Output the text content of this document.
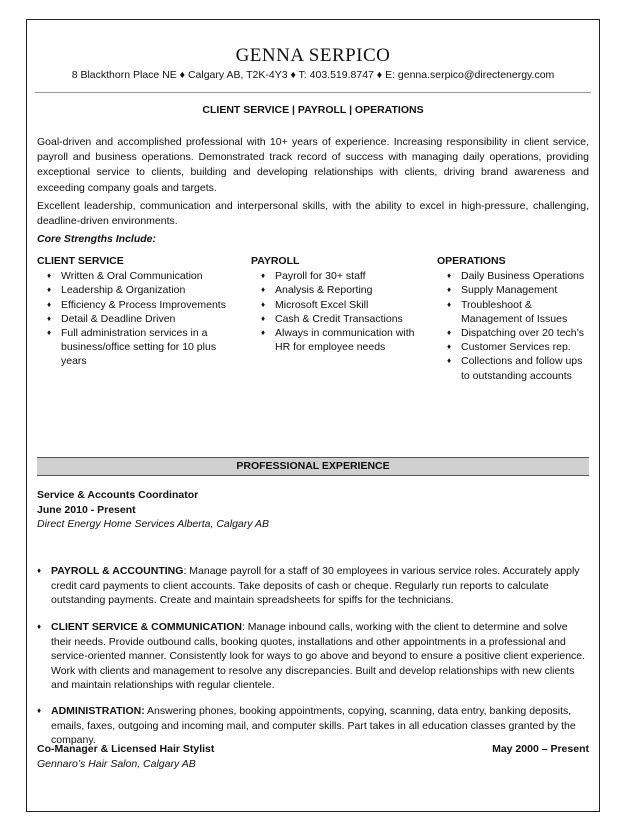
GENNA SERPICO
8 Blackthorn Place NE ♦ Calgary AB, T2K-4Y3 ♦ T: 403.519.8747 ♦ E: genna.serpico@directenergy.com
CLIENT SERVICE | PAYROLL | OPERATIONS

Goal-driven and accomplished professional with 10+ years of experience. Increasing responsibility in client service, payroll and business operations. Demonstrated track record of success with managing daily operations, providing exceptional service to clients, building and developing relationships with clients, driving brand awareness and exceeding company goals and targets.

Excellent leadership, communication and interpersonal skills, with the ability to excel in high-pressure, challenging, deadline-driven environments.

Core Strengths Include:

CLIENT SERVICE
♦ Written & Oral Communication
♦ Leadership & Organization
♦ Efficiency & Process Improvements
♦ Detail & Deadline Driven
♦ Full administration services in a business/office setting for 10 plus years
PAYROLL
♦ Payroll for 30+ staff
♦ Analysis & Reporting
♦ Microsoft Excel Skill
♦ Cash & Credit Transactions
♦ Always in communication with HR for employee needs
OPERATIONS
♦ Daily Business Operations
♦ Supply Management
♦ Troubleshoot & Management of Issues
♦ Dispatching over 20 tech’s
♦ Customer Services rep.
♦ Collections and follow ups to outstanding accounts
PROFESSIONAL EXPERIENCE
Service & Accounts Coordinator
June 2010 - Present
Direct Energy Home Services Alberta, Calgary AB
♦ PAYROLL & ACCOUNTING: Manage payroll for a staff of 30 employees in various service roles. Accurately apply credit card payments to client accounts. Take deposits of cash or cheque. Regularly run reports to calculate outstanding payments. Create and maintain spreadsheets for spiffs for the technicians.
♦ CLIENT SERVICE & COMMUNICATION: Manage inbound calls, working with the client to determine and solve their needs. Provide outbound calls, booking quotes, installations and other appointments in a professional and service-oriented manner. Consistently look for ways to go above and beyond to ensure a positive client experience.
Work with clients and management to resolve any discrepancies. Built and develop relationships with new clients and maintain relationships with regular clientele.
♦ ADMINISTRATION: Answering phones, booking appointments, copying, scanning, data entry, banking deposits, emails, faxes, outgoing and incoming mail, and computer skills. Part takes in all education classes granted by the company.
Co-Manager & Licensed Hair Stylist	May 2000 – Present
Gennaro’s Hair Salon, Calgary AB
